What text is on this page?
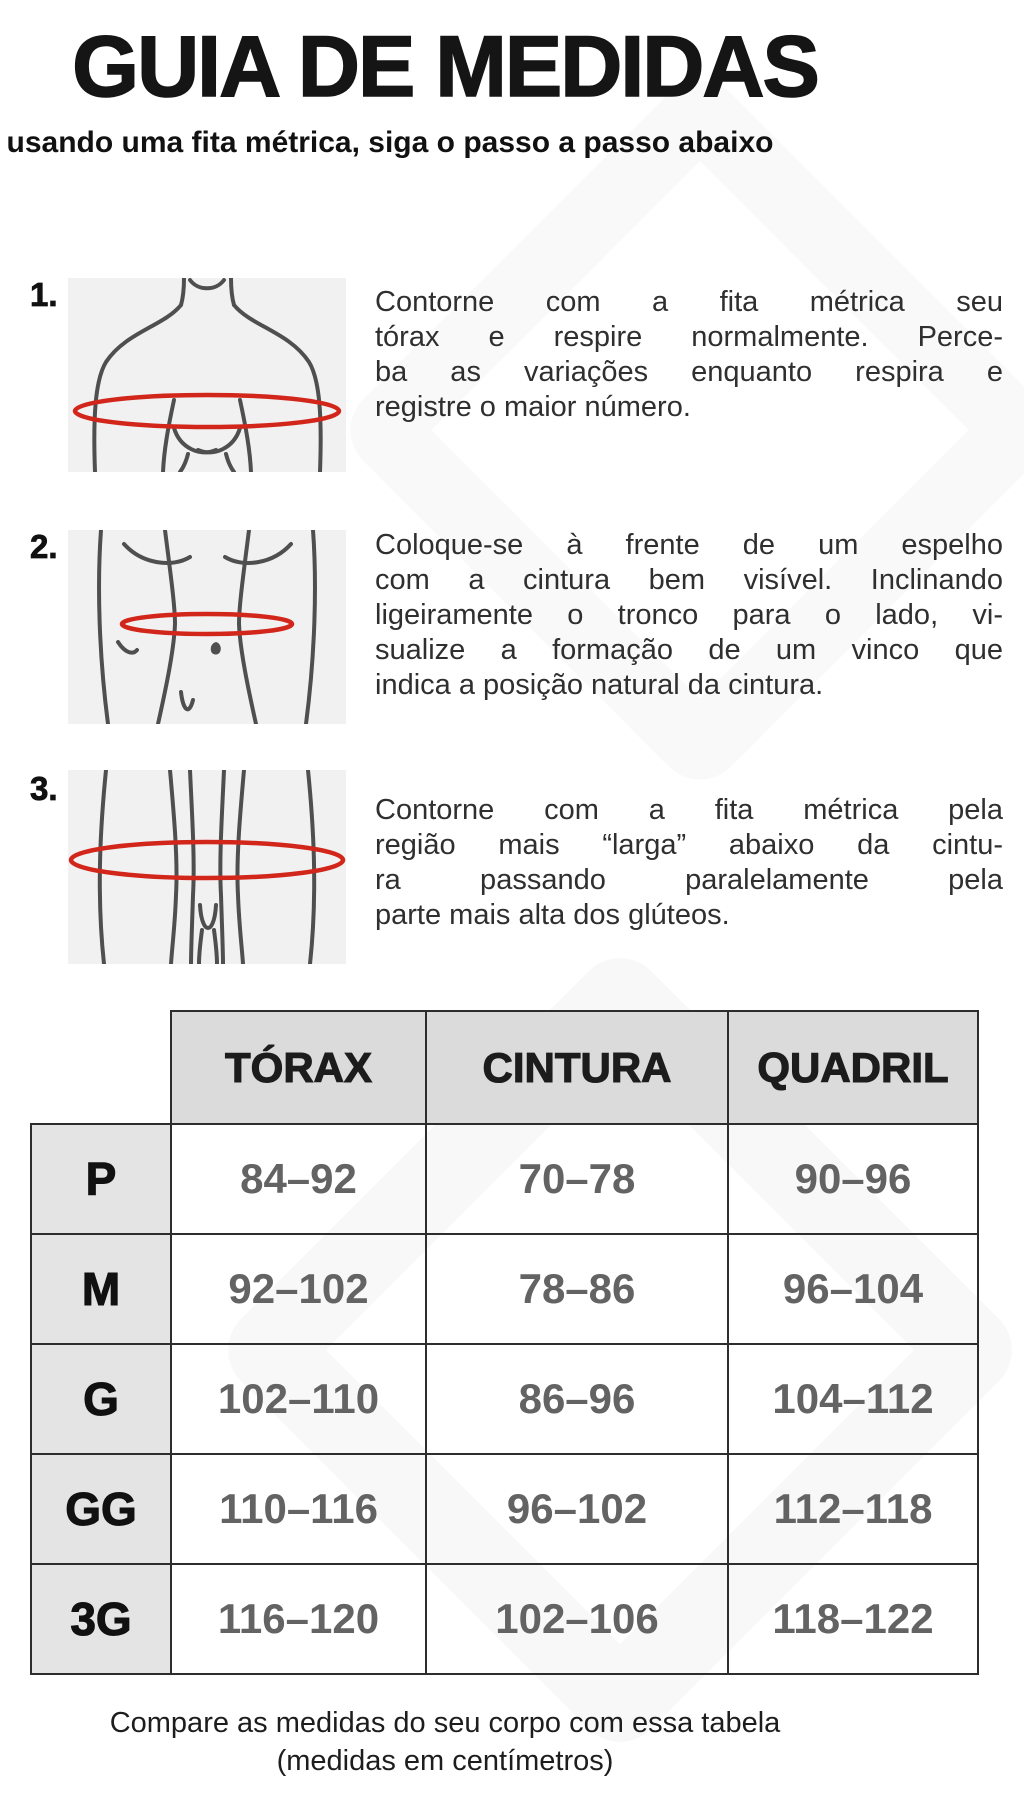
GUIA DE MEDIDAS
usando uma fita métrica, siga o passo a passo abaixo
1.	Contorne com a fita métrica seu
tórax e respire normalmente. Perce-
ba as variações enquanto respira e
registre o maior número.
2.	Coloque-se à frente de um espelho
com a cintura bem visível. Inclinando
ligeiramente o tronco para o lado, vi-
sualize a formação de um vinco que
indica a posição natural da cintura.
3.
Contorne com a fita métrica pela
região mais “larga” abaixo da cintu-
ra passando paralelamente pela
parte mais alta dos glúteos.
	TÓRAX	CINTURA	QUADRIL
P	84–92	70–78	90–96
M	92–102	78–86	96–104
G	102–110	86–96	104–112
GG	110–116	96–102	112–118
3G	116–120	102–106	118–122
Compare as medidas do seu corpo com essa tabela
(medidas em centímetros)
